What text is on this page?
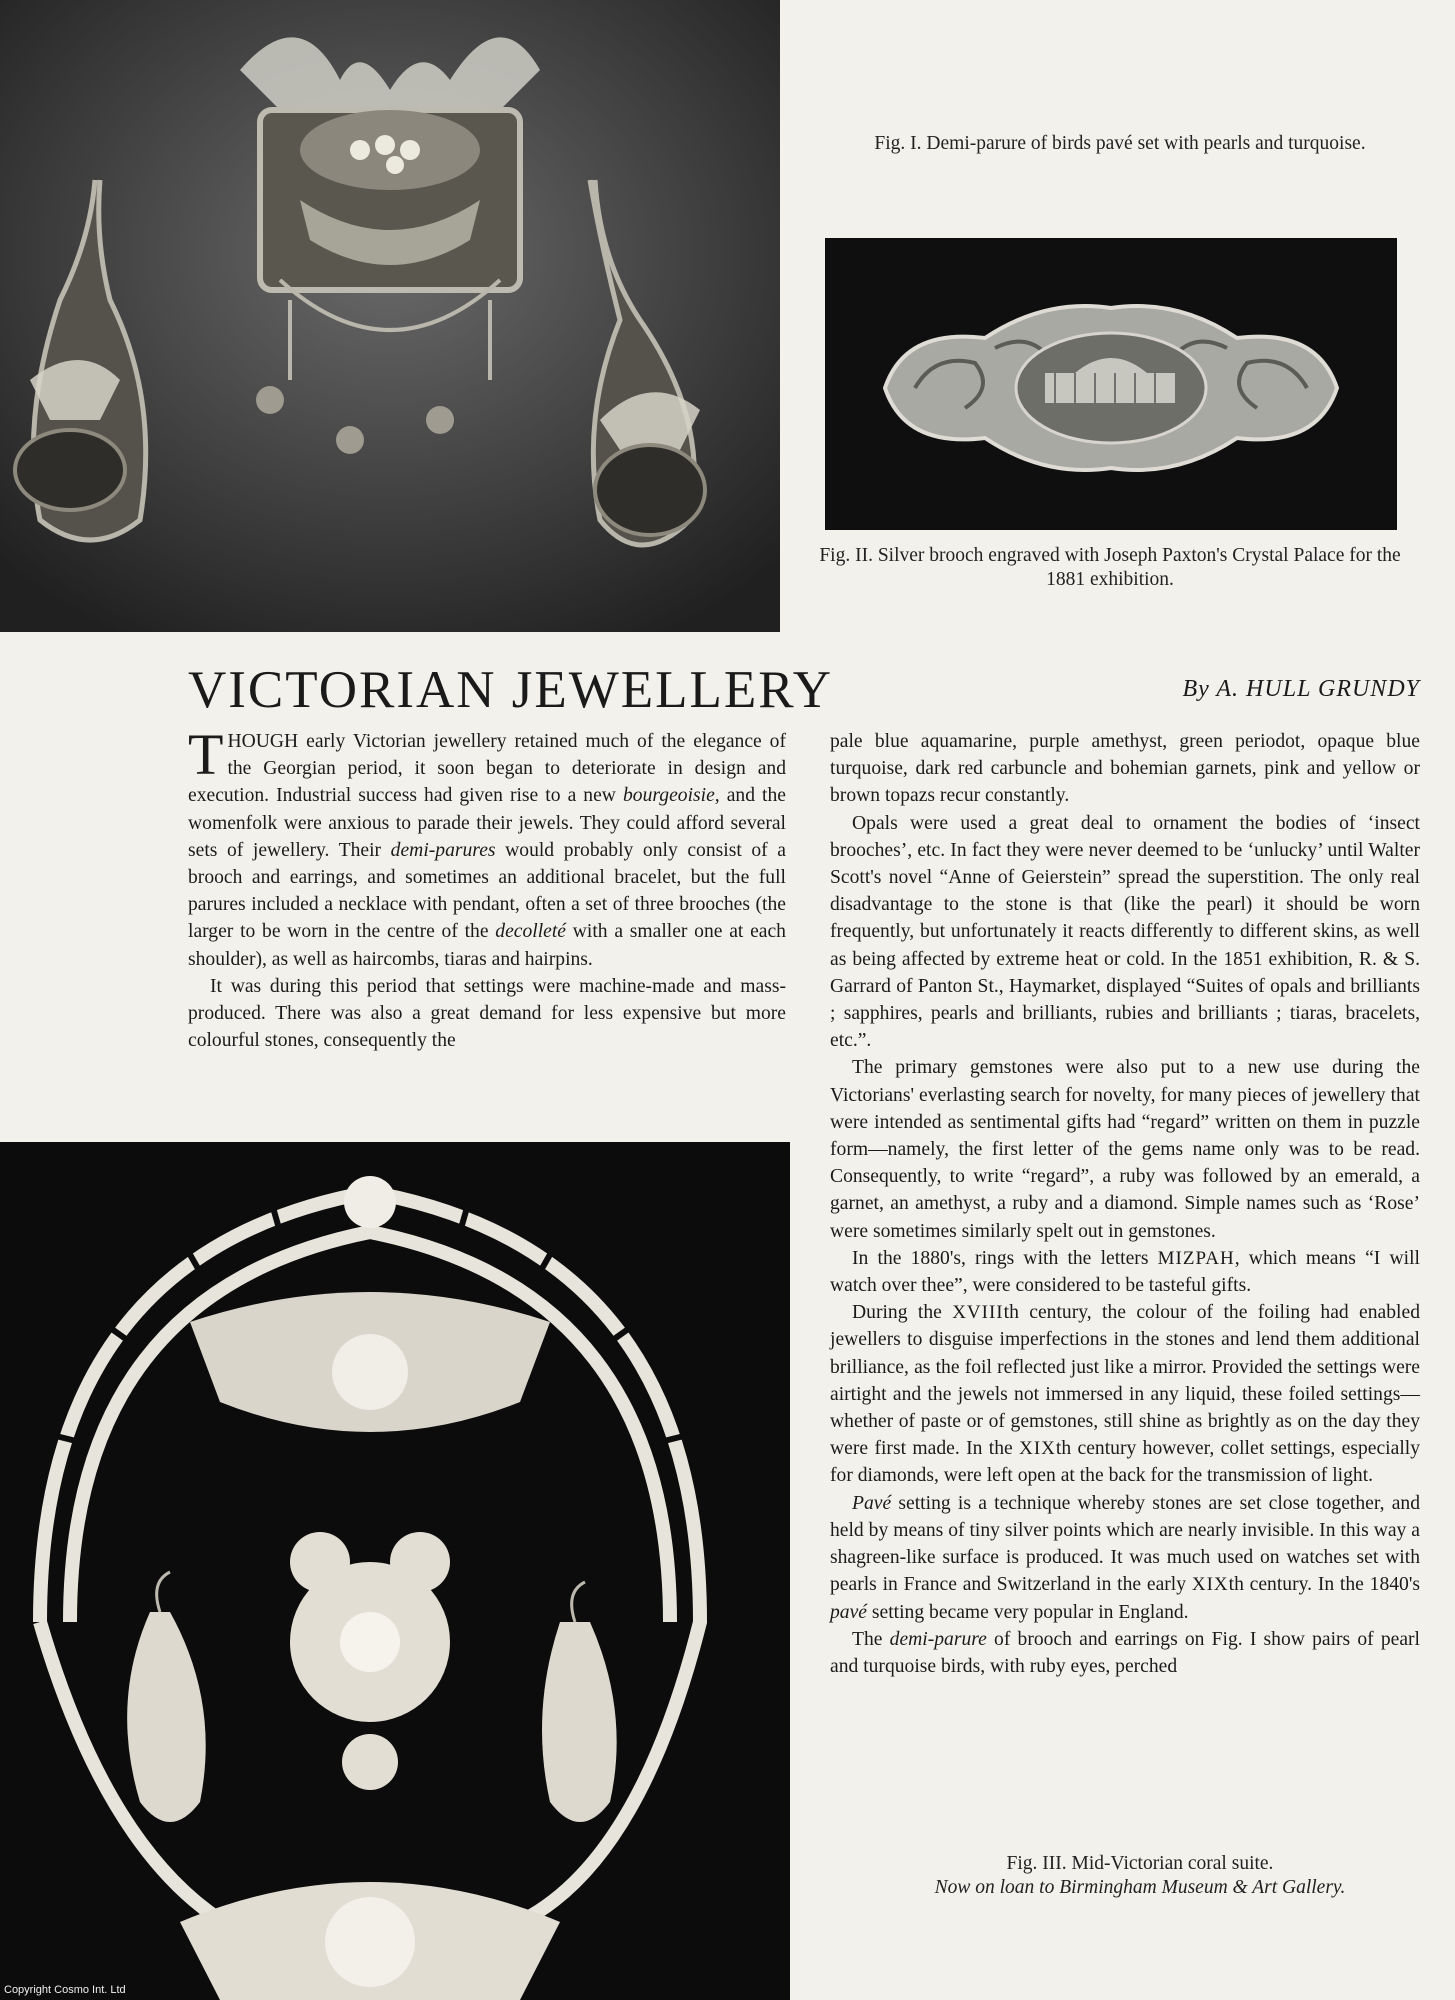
Fig. I. Demi-parure of birds pavé set with pearls and turquoise.
Fig. II. Silver brooch engraved with Joseph Paxton's Crystal Palace for the 1881 exhibition.
VICTORIAN JEWELLERY	By A. HULL GRUNDY

THOUGH early Victorian jewellery retained much of the elegance of the Georgian period, it soon began to deteriorate in design and execution. Industrial success had given rise to a new bourgeoisie, and the womenfolk were anxious to parade their jewels. They could afford several sets of jewellery. Their demi-parures would probably only consist of a brooch and earrings, and sometimes an additional bracelet, but the full parures included a necklace with pendant, often a set of three brooches (the larger to be worn in the centre of the decolleté with a smaller one at each shoulder), as well as haircombs, tiaras and hairpins.

It was during this period that settings were machine-made and mass-produced. There was also a great demand for less expensive but more colourful stones, consequently the

pale blue aquamarine, purple amethyst, green periodot, opaque blue turquoise, dark red carbuncle and bohemian garnets, pink and yellow or brown topazs recur constantly.

Opals were used a great deal to ornament the bodies of ‘insect brooches’, etc. In fact they were never deemed to be ‘unlucky’ until Walter Scott's novel “Anne of Geierstein” spread the superstition. The only real disadvantage to the stone is that (like the pearl) it should be worn frequently, but unfortunately it reacts differently to different skins, as well as being affected by extreme heat or cold. In the 1851 exhibition, R. & S. Garrard of Panton St., Haymarket, displayed “Suites of opals and brilliants ; sapphires, pearls and brilliants, rubies and brilliants ; tiaras, bracelets, etc.”.

The primary gemstones were also put to a new use during the Victorians' everlasting search for novelty, for many pieces of jewellery that were intended as sentimental gifts had “regard” written on them in puzzle form—namely, the first letter of the gems name only was to be read. Consequently, to write “regard”, a ruby was followed by an emerald, a garnet, an amethyst, a ruby and a diamond. Simple names such as ‘Rose’ were sometimes similarly spelt out in gemstones.

In the 1880's, rings with the letters MIZPAH, which means “I will watch over thee”, were considered to be tasteful gifts.

During the XVIIIth century, the colour of the foiling had enabled jewellers to disguise imperfections in the stones and lend them additional brilliance, as the foil reflected just like a mirror. Provided the settings were airtight and the jewels not immersed in any liquid, these foiled settings—whether of paste or of gemstones, still shine as brightly as on the day they were first made. In the XIXth century however, collet settings, especially for diamonds, were left open at the back for the transmission of light.

Pavé setting is a technique whereby stones are set close together, and held by means of tiny silver points which are nearly invisible. In this way a shagreen-like surface is produced. It was much used on watches set with pearls in France and Switzerland in the early XIXth century. In the 1840's pavé setting became very popular in England.

The demi-parure of brooch and earrings on Fig. I show pairs of pearl and turquoise birds, with ruby eyes, perched

Fig. III. Mid-Victorian coral suite.
Now on loan to Birmingham Museum & Art Gallery.
Copyright Cosmo Int. Ltd
